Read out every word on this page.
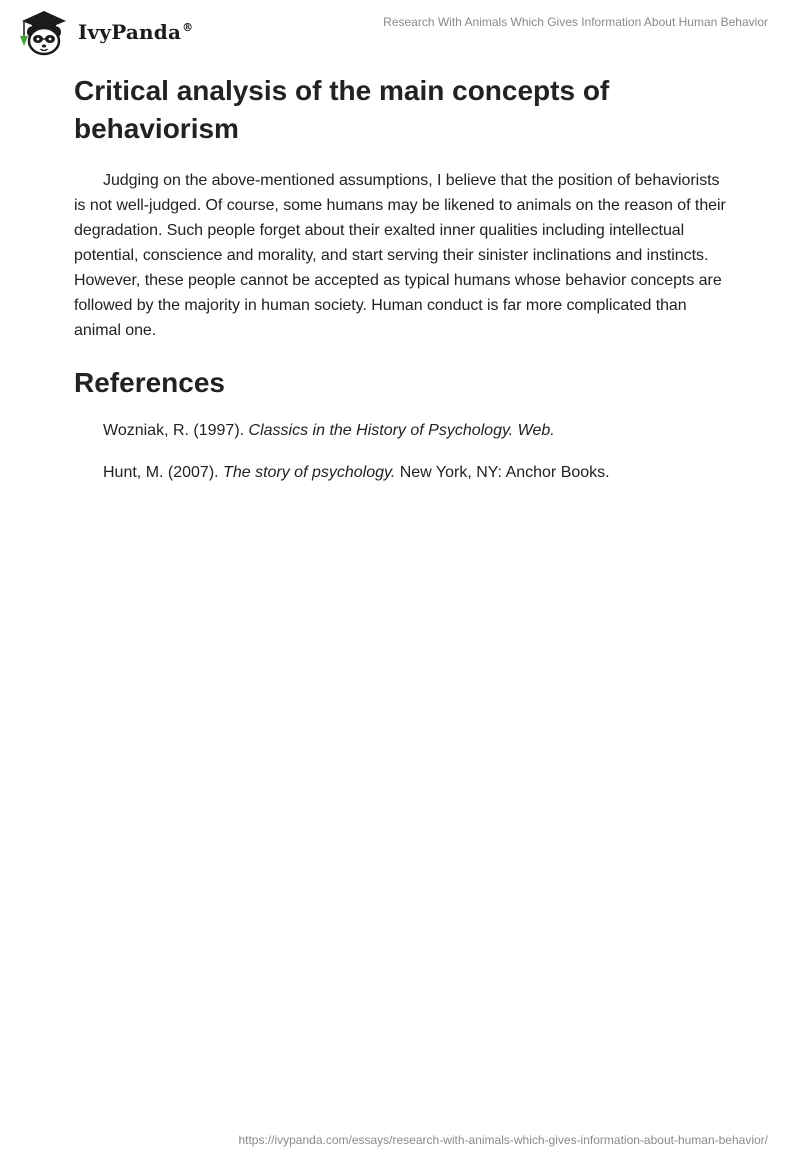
IvyPanda®	Research With Animals Which Gives Information About Human Behavior
Critical analysis of the main concepts of behaviorism

Judging on the above-mentioned assumptions, I believe that the position of behaviorists is not well-judged. Of course, some humans may be likened to animals on the reason of their degradation. Such people forget about their exalted inner qualities including intellectual potential, conscience and morality, and start serving their sinister inclinations and instincts. However, these people cannot be accepted as typical humans whose behavior concepts are followed by the majority in human society. Human conduct is far more complicated than animal one.

References

Wozniak, R. (1997). Classics in the History of Psychology. Web.

Hunt, M. (2007). The story of psychology. New York, NY: Anchor Books.

https://ivypanda.com/essays/research-with-animals-which-gives-information-about-human-behavior/
